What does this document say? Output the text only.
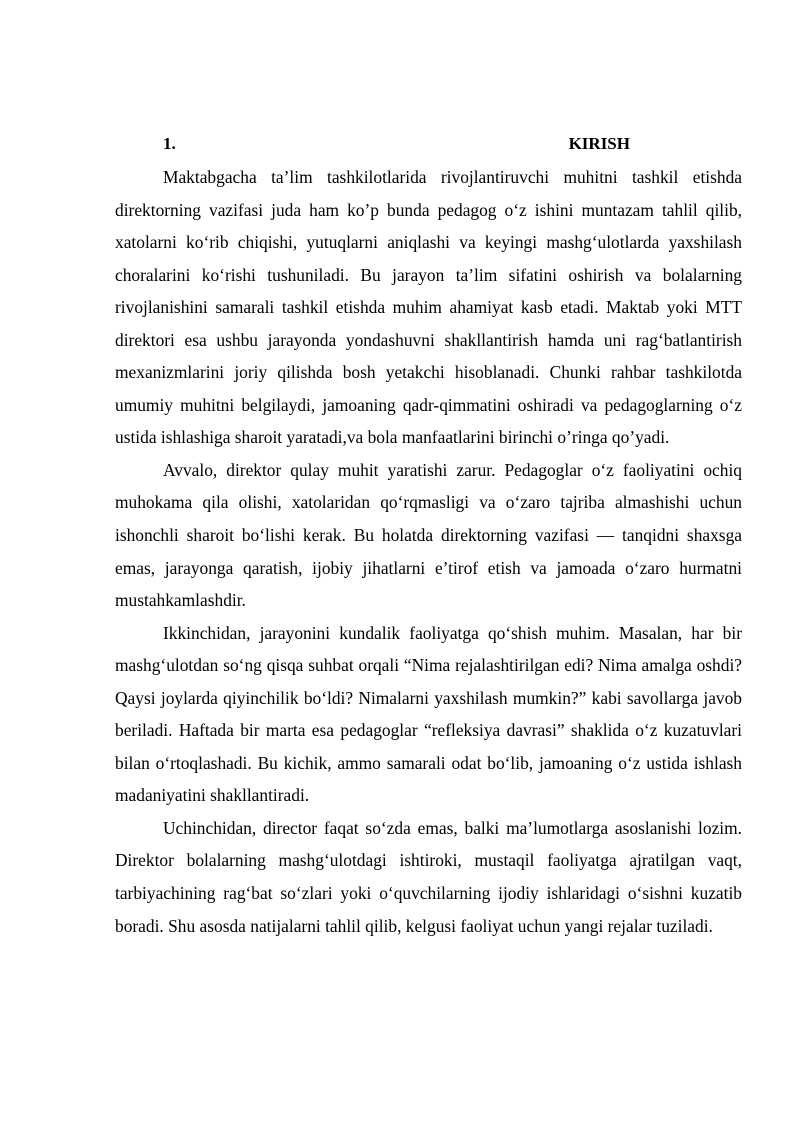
1.	KIRISH

Maktabgacha ta’lim tashkilotlarida rivojlantiruvchi muhitni tashkil etishda direktorning vazifasi juda ham ko’p bunda pedagog o‘z ishini muntazam tahlil qilib, xatolarni ko‘rib chiqishi, yutuqlarni aniqlashi va keyingi mashg‘ulotlarda yaxshilash choralarini ko‘rishi tushuniladi. Bu jarayon ta’lim sifatini oshirish va bolalarning rivojlanishini samarali tashkil etishda muhim ahamiyat kasb etadi. Maktab yoki MTT direktori esa ushbu jarayonda yondashuvni shakllantirish hamda uni rag‘batlantirish mexanizmlarini joriy qilishda bosh yetakchi hisoblanadi. Chunki rahbar tashkilotda umumiy muhitni belgilaydi, jamoaning qadr-qimmatini oshiradi va pedagoglarning o‘z ustida ishlashiga sharoit yaratadi,va bola manfaatlarini birinchi o’ringa qo’yadi.

Avvalo, direktor qulay muhit yaratishi zarur. Pedagoglar o‘z faoliyatini ochiq muhokama qila olishi, xatolaridan qo‘rqmasligi va o‘zaro tajriba almashishi uchun ishonchli sharoit bo‘lishi kerak. Bu holatda direktorning vazifasi — tanqidni shaxsga emas, jarayonga qaratish, ijobiy jihatlarni e’tirof etish va jamoada o‘zaro hurmatni mustahkamlashdir.

Ikkinchidan, jarayonini kundalik faoliyatga qo‘shish muhim. Masalan, har bir mashg‘ulotdan so‘ng qisqa suhbat orqali “Nima rejalashtirilgan edi? Nima amalga oshdi? Qaysi joylarda qiyinchilik bo‘ldi? Nimalarni yaxshilash mumkin?” kabi savollarga javob beriladi. Haftada bir marta esa pedagoglar “refleksiya davrasi” shaklida o‘z kuzatuvlari bilan o‘rtoqlashadi. Bu kichik, ammo samarali odat bo‘lib, jamoaning o‘z ustida ishlash madaniyatini shakllantiradi.

Uchinchidan, director faqat so‘zda emas, balki ma’lumotlarga asoslanishi lozim. Direktor bolalarning mashg‘ulotdagi ishtiroki, mustaqil faoliyatga ajratilgan vaqt, tarbiyachining rag‘bat so‘zlari yoki o‘quvchilarning ijodiy ishlaridagi o‘sishni kuzatib boradi. Shu asosda natijalarni tahlil qilib, kelgusi faoliyat uchun yangi rejalar tuziladi.
